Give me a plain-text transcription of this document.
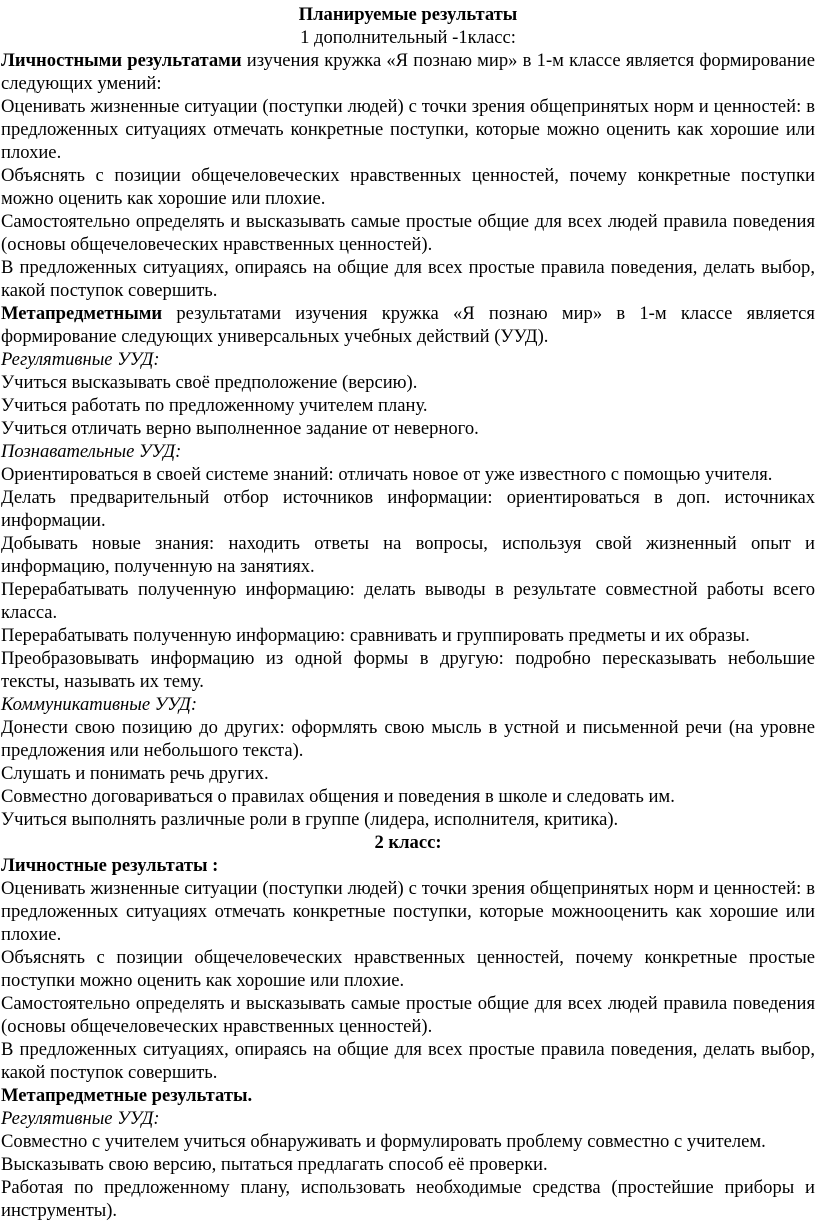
Планируемые результаты

1 дополнительный -1класс:

Личностными результатами изучения кружка «Я познаю мир» в 1-м классе является формирование следующих умений:

Оценивать жизненные ситуации (поступки людей) с точки зрения общепринятых норм и ценностей: в предложенных ситуациях отмечать конкретные поступки, которые можно оценить как хорошие или плохие.

Объяснять с позиции общечеловеческих нравственных ценностей, почему конкретные поступки можно оценить как хорошие или плохие.

Самостоятельно определять и высказывать самые простые общие для всех людей правила поведения (основы общечеловеческих нравственных ценностей).

В предложенных ситуациях, опираясь на общие для всех простые правила поведения, делать выбор, какой поступок совершить.

Метапредметными результатами изучения кружка «Я познаю мир» в 1-м классе является формирование следующих универсальных учебных действий (УУД).

Регулятивные УУД:

Учиться высказывать своё предположение (версию).

Учиться работать по предложенному учителем плану.

Учиться отличать верно выполненное задание от неверного.

Познавательные УУД:

Ориентироваться в своей системе знаний: отличать новое от уже известного с помощью учителя.

Делать предварительный отбор источников информации: ориентироваться в доп. источниках информации.

Добывать новые знания: находить ответы на вопросы, используя свой жизненный опыт и информацию, полученную на занятиях.

Перерабатывать полученную информацию: делать выводы в результате совместной работы всего класса.

Перерабатывать полученную информацию: сравнивать и группировать предметы и их образы.

Преобразовывать информацию из одной формы в другую: подробно пересказывать небольшие тексты, называть их тему.

Коммуникативные УУД:

Донести свою позицию до других: оформлять свою мысль в устной и письменной речи (на уровне предложения или небольшого текста).

Слушать и понимать речь других.

Совместно договариваться о правилах общения и поведения в школе и следовать им.

Учиться выполнять различные роли в группе (лидера, исполнителя, критика).

2 класс:

Личностные результаты :

Оценивать жизненные ситуации (поступки людей) с точки зрения общепринятых норм и ценностей: в предложенных ситуациях отмечать конкретные поступки, которые можнооценить как хорошие или плохие.

Объяснять с позиции общечеловеческих нравственных ценностей, почему конкретные простые поступки можно оценить как хорошие или плохие.

Самостоятельно определять и высказывать самые простые общие для всех людей правила поведения (основы общечеловеческих нравственных ценностей).

В предложенных ситуациях, опираясь на общие для всех простые правила поведения, делать выбор, какой поступок совершить.

Метапредметные результаты.

Регулятивные УУД:

Совместно с учителем учиться обнаруживать и формулировать проблему совместно с учителем.

Высказывать свою версию, пытаться предлагать способ её проверки.

Работая по предложенному плану, использовать необходимые средства (простейшие приборы и инструменты).
